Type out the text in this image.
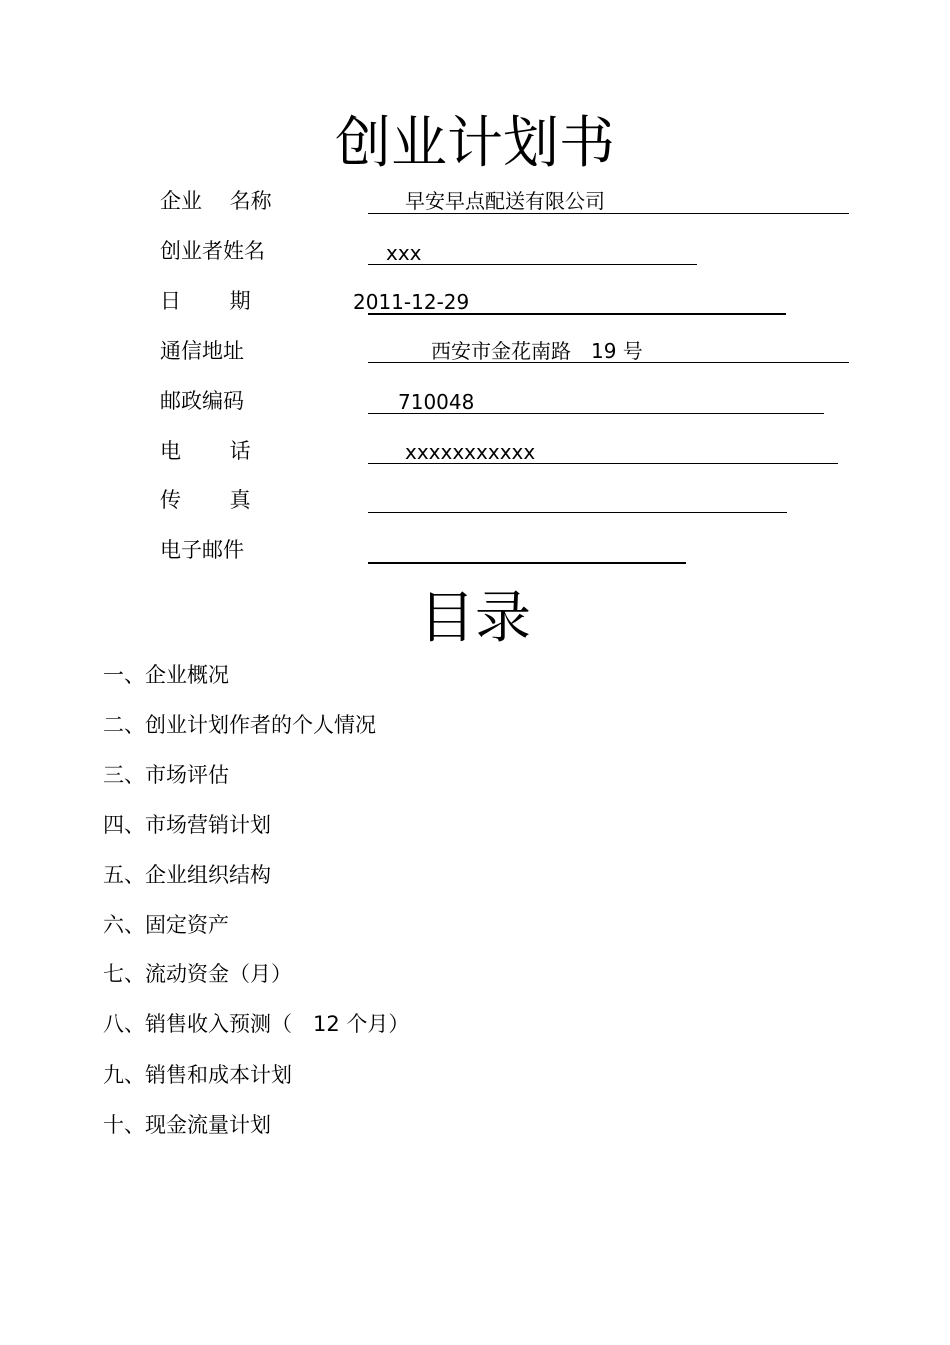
创业计划书
企业　 名称	早安早点配送有限公司
创业者姓名	xxx
日　　 期	2011-12-29
通信地址	西安市金花南路　19 号
邮政编码	710048
电　　 话	xxxxxxxxxxx
传　　 真
电子邮件
目录
一、企业概况
二、创业计划作者的个人情况
三、市场评估
四、市场营销计划
五、企业组织结构
六、固定资产
七、流动资金（月）
八、销售收入预测（　12 个月）
九、销售和成本计划
十、现金流量计划
